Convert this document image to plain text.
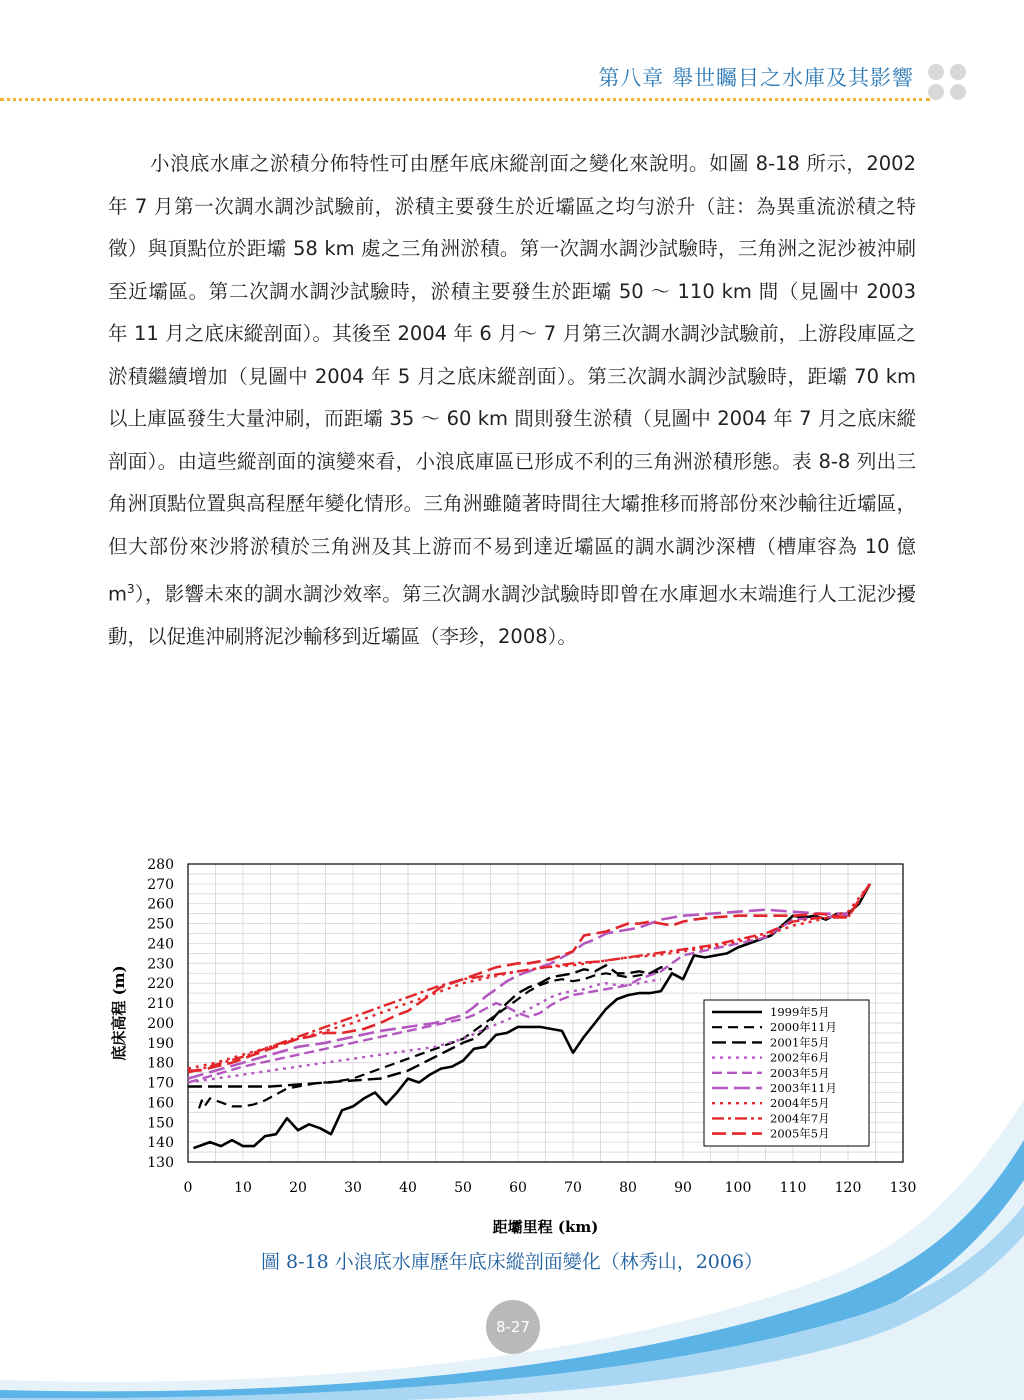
第八章 舉世矚目之水庫及其影響

小浪底水庫之淤積分佈特性可由歷年底床縱剖面之變化來說明。如圖 8-18 所示，2002 年 7 月第一次調水調沙試驗前，淤積主要發生於近壩區之均勻淤升（註：為異重流淤積之特徵）與頂點位於距壩 58 km 處之三角洲淤積。第一次調水調沙試驗時，三角洲之泥沙被沖刷至近壩區。第二次調水調沙試驗時，淤積主要發生於距壩 50 ～ 110 km 間（見圖中 2003 年 11 月之底床縱剖面）。其後至 2004 年 6 月～ 7 月第三次調水調沙試驗前，上游段庫區之淤積繼續增加（見圖中 2004 年 5 月之底床縱剖面）。第三次調水調沙試驗時，距壩 70 km 以上庫區發生大量沖刷，而距壩 35 ～ 60 km 間則發生淤積（見圖中 2004 年 7 月之底床縱剖面）。由這些縱剖面的演變來看，小浪底庫區已形成不利的三角洲淤積形態。表 8-8 列出三角洲頂點位置與高程歷年變化情形。三角洲雖隨著時間往大壩推移而將部份來沙輸往近壩區，但大部份來沙將淤積於三角洲及其上游而不易到達近壩區的調水調沙深槽（槽庫容為 10 億 $m^3$），影響未來的調水調沙效率。第三次調水調沙試驗時即曾在水庫迴水末端進行人工泥沙擾動，以促進沖刷將泥沙輸移到近壩區（李珍，2008）。

130
140
150
160
170
180
190
200
210
220
230
240
250
260
270
280
0	10	20	30	40	50	60	70	80	90 100 110 120 130
距壩里程 (km)
底床高程 (m)	1999年5月
2000年11月
2001年5月
2002年6月
2003年5月
2003年11月
2004年5月
2004年7月
2005年5月
圖 8-18 小浪底水庫歷年底床縱剖面變化（林秀山，2006）
8-27
